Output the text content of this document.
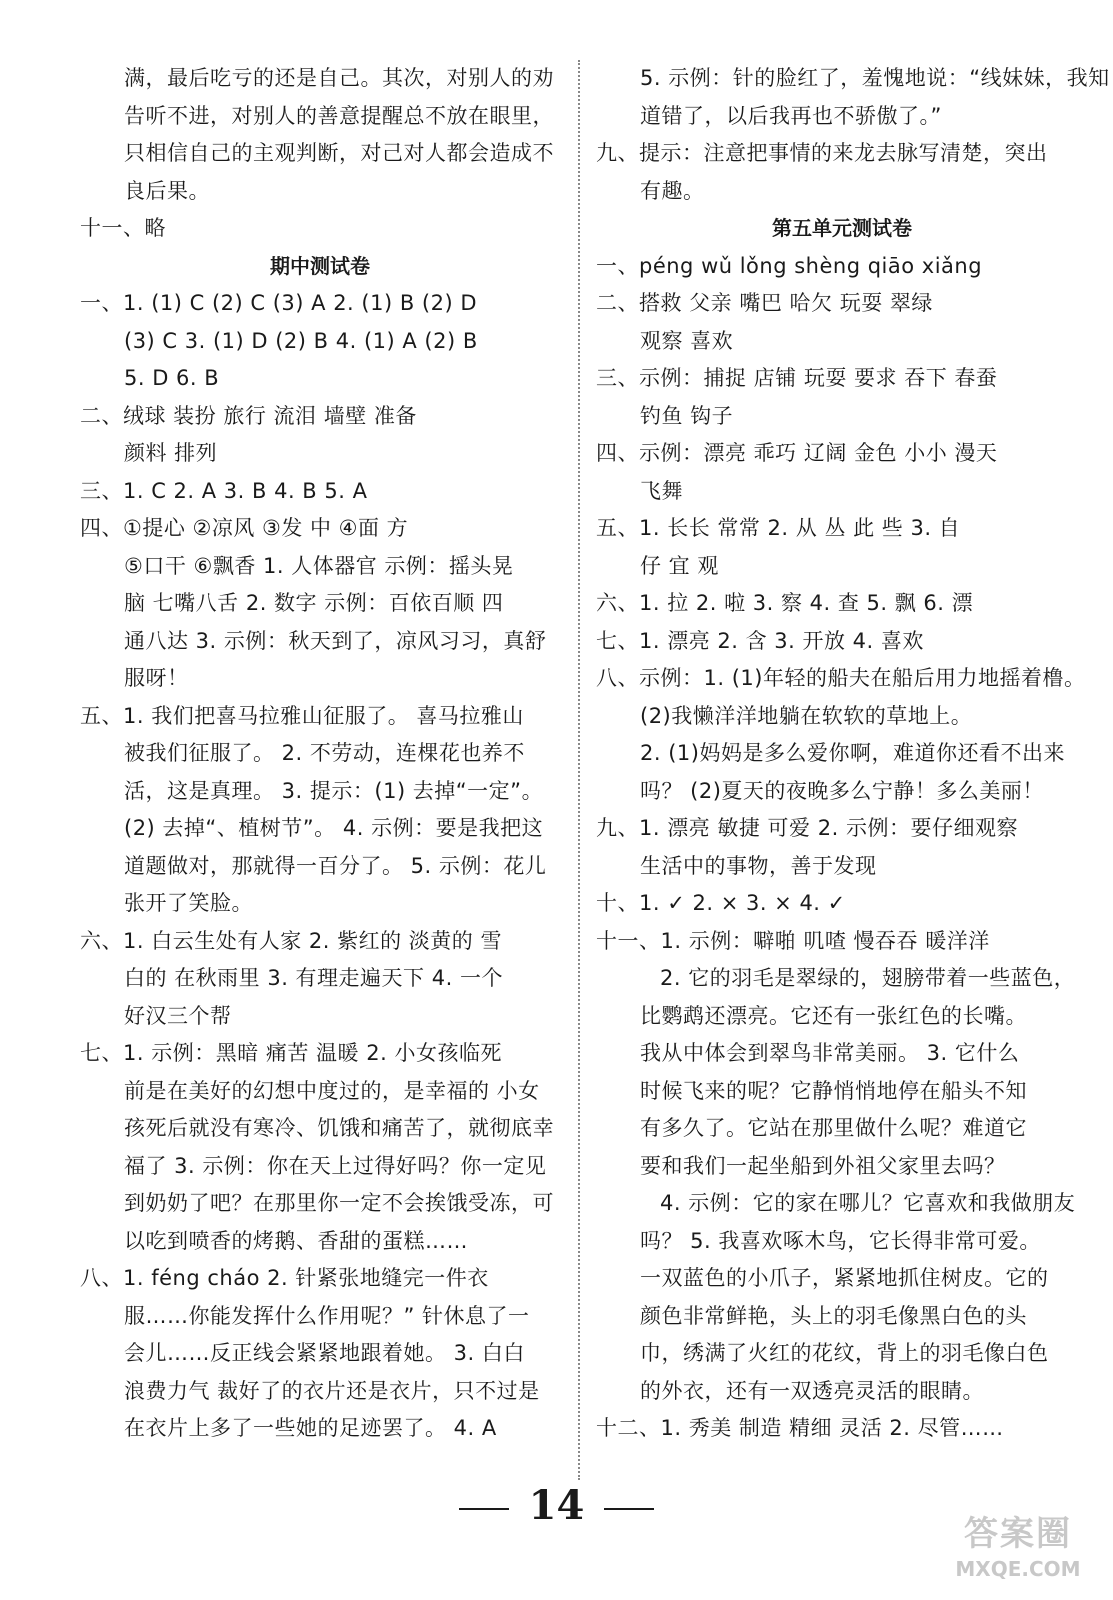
满，最后吃亏的还是自己。其次，对别人的劝
告听不进，对别人的善意提醒总不放在眼里，
只相信自己的主观判断，对己对人都会造成不
良后果。
十一、略
期中测试卷
一、1. (1) C (2) C (3) A 2. (1) B (2) D
(3) C 3. (1) D (2) B 4. (1) A (2) B
5. D 6. B
二、绒球 装扮 旅行 流泪 墙壁 准备
颜料 排列
三、1. C 2. A 3. B 4. B 5. A
四、①提心 ②凉风 ③发 中 ④面 方
⑤口干 ⑥飘香 1. 人体器官 示例：摇头晃
脑 七嘴八舌 2. 数字 示例：百依百顺 四
通八达 3. 示例：秋天到了，凉风习习，真舒
服呀！
五、1. 我们把喜马拉雅山征服了。 喜马拉雅山
被我们征服了。 2. 不劳动，连棵花也养不
活，这是真理。 3. 提示：(1) 去掉“一定”。
(2) 去掉“、植树节”。 4. 示例：要是我把这
道题做对，那就得一百分了。 5. 示例：花儿
张开了笑脸。
六、1. 白云生处有人家 2. 紫红的 淡黄的 雪
白的 在秋雨里 3. 有理走遍天下 4. 一个
好汉三个帮
七、1. 示例：黑暗 痛苦 温暖 2. 小女孩临死
前是在美好的幻想中度过的，是幸福的 小女
孩死后就没有寒冷、饥饿和痛苦了，就彻底幸
福了 3. 示例：你在天上过得好吗？你一定见
到奶奶了吧？在那里你一定不会挨饿受冻，可
以吃到喷香的烤鹅、香甜的蛋糕……
八、1. féng cháo 2. 针紧张地缝完一件衣
服……你能发挥什么作用呢？” 针休息了一
会儿……反正线会紧紧地跟着她。 3. 白白
浪费力气 裁好了的衣片还是衣片，只不过是
在衣片上多了一些她的足迹罢了。 4. A
5. 示例：针的脸红了，羞愧地说：“线妹妹，我知
道错了，以后我再也不骄傲了。”
九、提示：注意把事情的来龙去脉写清楚，突出
有趣。
第五单元测试卷
一、péng wǔ lǒng shèng qiāo xiǎng
二、搭救 父亲 嘴巴 哈欠 玩耍 翠绿
观察 喜欢
三、示例：捕捉 店铺 玩耍 要求 吞下 春蚕
钓鱼 钩子
四、示例：漂亮 乖巧 辽阔 金色 小小 漫天
飞舞
五、1. 长长 常常 2. 从 丛 此 些 3. 自
仔 宜 观
六、1. 拉 2. 啦 3. 察 4. 查 5. 飘 6. 漂
七、1. 漂亮 2. 含 3. 开放 4. 喜欢
八、示例：1. (1)年轻的船夫在船后用力地摇着橹。
(2)我懒洋洋地躺在软软的草地上。
2. (1)妈妈是多么爱你啊，难道你还看不出来
吗？ (2)夏天的夜晚多么宁静！多么美丽！
九、1. 漂亮 敏捷 可爱 2. 示例：要仔细观察
生活中的事物，善于发现
十、1. ✓ 2. × 3. × 4. ✓
十一、1. 示例：噼啪 叽喳 慢吞吞 暖洋洋
2. 它的羽毛是翠绿的，翅膀带着一些蓝色，
比鹦鹉还漂亮。它还有一张红色的长嘴。
我从中体会到翠鸟非常美丽。 3. 它什么
时候飞来的呢？它静悄悄地停在船头不知
有多久了。它站在那里做什么呢？难道它
要和我们一起坐船到外祖父家里去吗？
4. 示例：它的家在哪儿？它喜欢和我做朋友
吗？ 5. 我喜欢啄木鸟，它长得非常可爱。
一双蓝色的小爪子，紧紧地抓住树皮。它的
颜色非常鲜艳，头上的羽毛像黑白色的头
巾，绣满了火红的花纹，背上的羽毛像白色
的外衣，还有一双透亮灵活的眼睛。
十二、1. 秀美 制造 精细 灵活 2. 尽管……
14
答案圈
MXQE.COM
